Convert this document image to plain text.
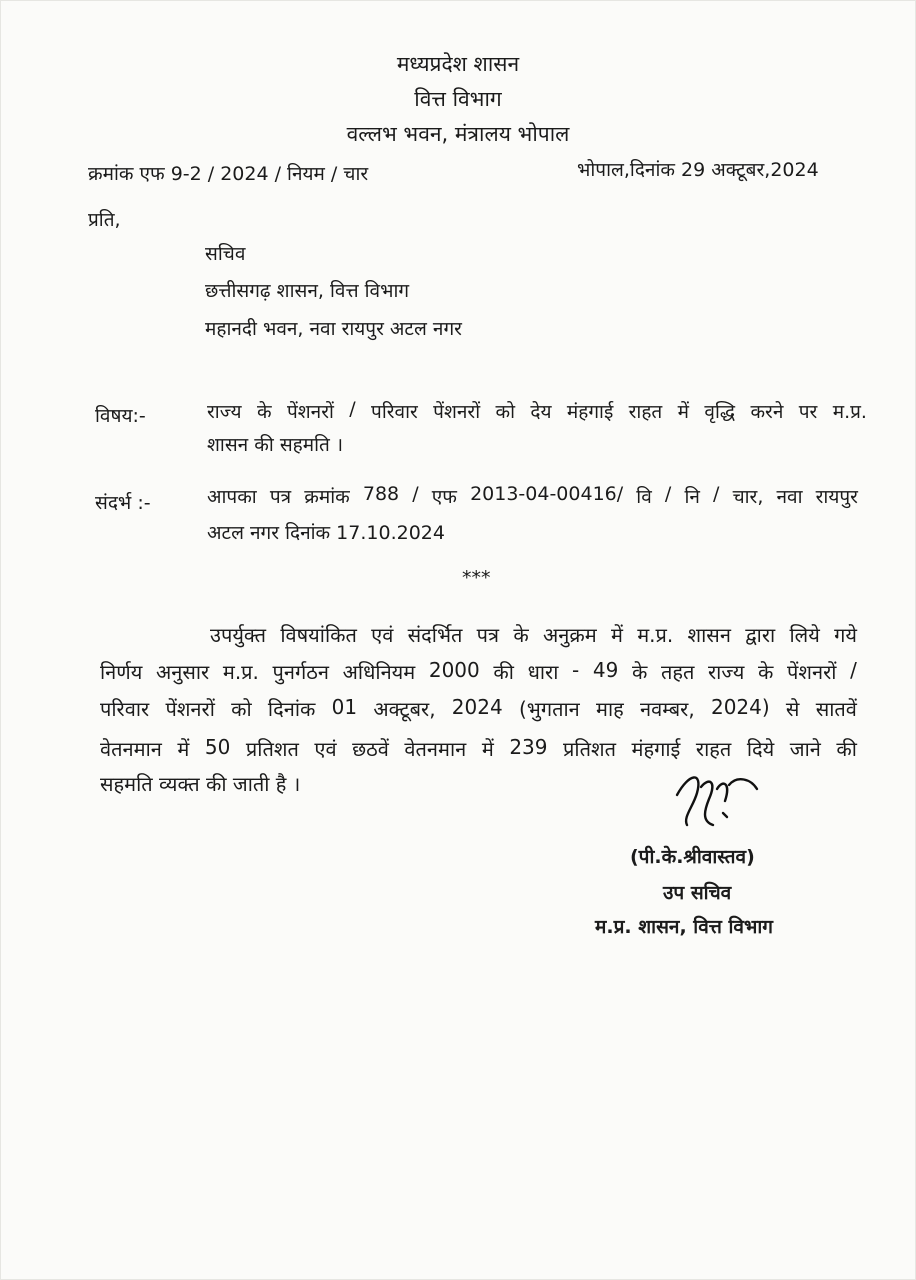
मध्यप्रदेश शासन
वित्त विभाग
वल्लभ भवन, मंत्रालय भोपाल
क्रमांक एफ 9-2 / 2024 / नियम / चार	भोपाल,दिनांक 29 अक्टूबर,2024
प्रति,
सचिव
छत्तीसगढ़ शासन, वित्त विभाग
महानदी भवन, नवा रायपुर अटल नगर
विषय:-	राज्य के पेंशनरों / परिवार पेंशनरों को देय मंहगाई राहत में वृद्धि करने पर म.प्र.
शासन की सहमति ।
संदर्भ :-	आपका पत्र क्रमांक 788 / एफ 2013-04-00416/ वि / नि / चार, नवा रायपुर
अटल नगर दिनांक 17.10.2024
***
उपर्युक्त विषयांकित एवं संदर्भित पत्र के अनुक्रम में म.प्र. शासन द्वारा लिये गये
निर्णय अनुसार म.प्र. पुनर्गठन अधिनियम 2000 की धारा - 49 के तहत राज्य के पेंशनरों /
परिवार पेंशनरों को दिनांक 01 अक्टूबर, 2024 (भुगतान माह नवम्बर, 2024) से सातवें
वेतनमान में 50 प्रतिशत एवं छठवें वेतनमान में 239 प्रतिशत मंहगाई राहत दिये जाने की
सहमति व्यक्त की जाती है ।
(पी.के.श्रीवास्तव)
उप सचिव
म.प्र. शासन, वित्त विभाग
